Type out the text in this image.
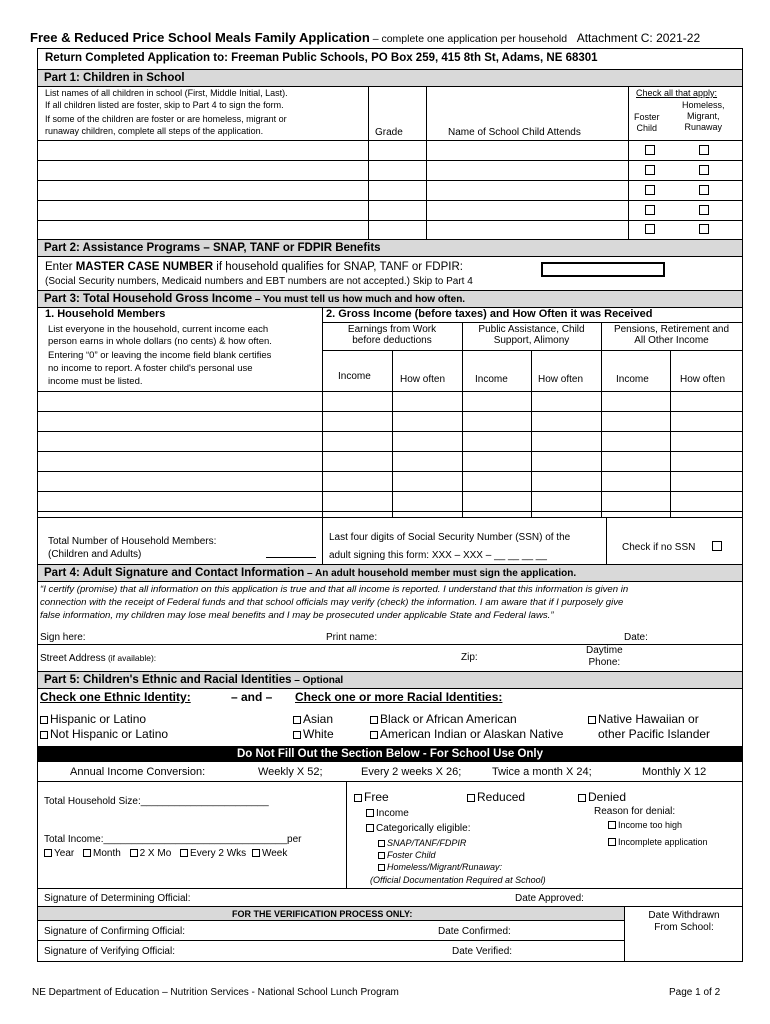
Free & Reduced Price School Meals Family Application – complete one application per household Attachment C: 2021-22
Return Completed Application to: Freeman Public Schools, PO Box 259, 415 8th St, Adams, NE 68301
Part 1: Children in School
List names of all children in school (First, Middle Initial, Last).
If all children listed are foster, skip to Part 4 to sign the form.
If some of the children are foster or are homeless, migrant or
runaway children, complete all steps of the application.	Grade	Name of School Child Attends
Check all that apply:
Foster
Child
Homeless,
Migrant,
Runaway
Part 2: Assistance Programs – SNAP, TANF or FDPIR Benefits
Enter MASTER CASE NUMBER if household qualifies for SNAP, TANF or FDPIR:
(Social Security numbers, Medicaid numbers and EBT numbers are not accepted.) Skip to Part 4
Part 3: Total Household Gross Income – You must tell us how much and how often.
1. Household Members	2. Gross Income (before taxes) and How Often it was Received
List everyone in the household, current income each
person earns in whole dollars (no cents) & how often.
Entering “0” or leaving the income field blank certifies
no income to report. A foster child's personal use
income must be listed.
Earnings from Work
before deductions
Public Assistance, Child
Support, Alimony
Pensions, Retirement and
All Other Income
Income	How often	Income	How often	Income	How often
Total Number of Household Members:
(Children and Adults)
Last four digits of Social Security Number (SSN) of the
adult signing this form: XXX – XXX – __ __ __ __
Check if no SSN
Part 4: Adult Signature and Contact Information – An adult household member must sign the application.
“I certify (promise) that all information on this application is true and that all income is reported. I understand that this information is given in
connection with the receipt of Federal funds and that school officials may verify (check) the information. I am aware that if I purposely give
false information, my children may lose meal benefits and I may be prosecuted under applicable State and Federal laws.”
Sign here:	Print name:	Date:
Street Address (if available):	Zip:
Daytime
Phone:
Part 5: Children's Ethnic and Racial Identities – Optional
Check one Ethnic Identity:	– and – Check one or more Racial Identities:
Hispanic or Latino
Not Hispanic or Latino
Asian
White
Black or African American
American Indian or Alaskan Native
Native Hawaiian or
other Pacific Islander
Do Not Fill Out the Section Below - For School Use Only
Annual Income Conversion:	Weekly X 52;	Every 2 weeks X 26;	Twice a month X 24;	Monthly X 12
Total Household Size:_______________________
Total Income:_________________________________per
Year Month 2 X Mo Every 2 Wks Week
Free
Income
Categorically eligible:
SNAP/TANF/FDPIR
Foster Child
Homeless/Migrant/Runaway:
(Official Documentation Required at School)
Reduced	Denied
Reason for denial:
Income too high
Incomplete application
Signature of Determining Official:	Date Approved:
FOR THE VERIFICATION PROCESS ONLY:	Date Withdrawn
From School:
Signature of Confirming Official:	Date Confirmed:
Signature of Verifying Official:	Date Verified:
NE Department of Education – Nutrition Services - National School Lunch Program	Page 1 of 2
